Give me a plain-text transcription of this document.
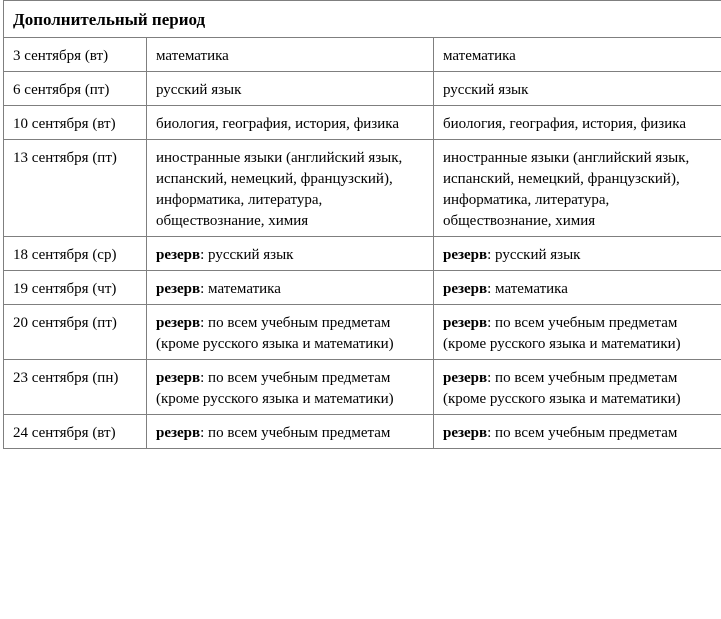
Дополнительный период		
3 сентября (вт)	математика	математика
6 сентября (пт)	русский язык	русский язык
10 сентября (вт)	биология, география, история, физика	биология, география, история, физика
13 сентября (пт)	иностранные языки (английский язык, испанский, немецкий, французский), информатика, литература, обществознание, химия	иностранные языки (английский язык, испанский, немецкий, французский), информатика, литература, обществознание, химия
18 сентября (ср)	резерв: русский язык	резерв: русский язык
19 сентября (чт)	резерв: математика	резерв: математика
20 сентября (пт)	резерв: по всем учебным предметам (кроме русского языка и математики)	резерв: по всем учебным предметам (кроме русского языка и математики)
23 сентября (пн)	резерв: по всем учебным предметам (кроме русского языка и математики)	резерв: по всем учебным предметам (кроме русского языка и математики)
24 сентября (вт)	резерв: по всем учебным предметам	резерв: по всем учебным предметам
